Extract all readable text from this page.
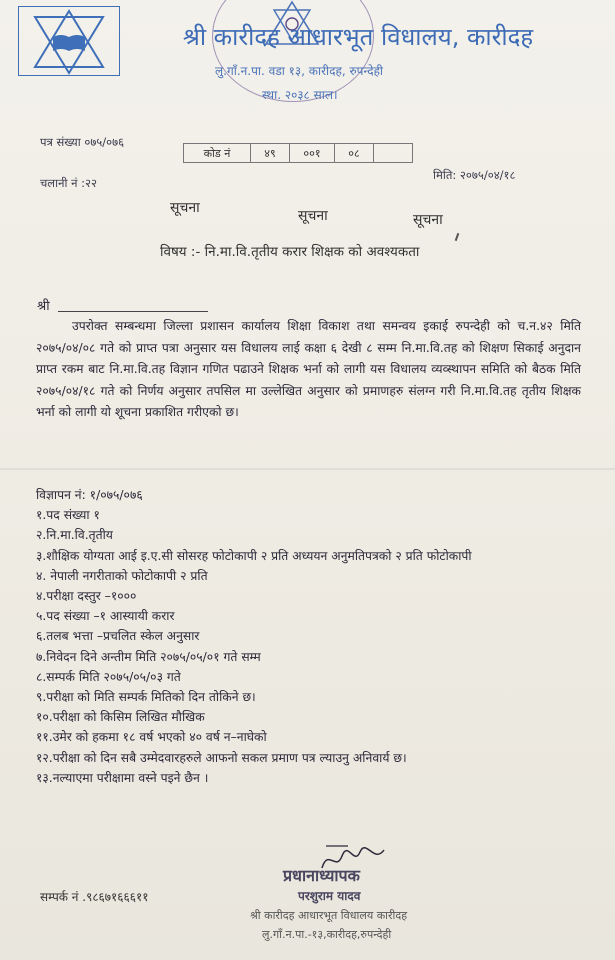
श्री कारीदह आधारभूत विधालय, कारीदह
लु.गाँ.न.पा. वडा १३, कारीदह, रुपन्देही
स्था. २०३८ साल।
पत्र संख्या ०७५/०७६
कोड नं	४९	००१	०८
मिति: २०७५/०४/१८
चलानी नं :२२
सूचना	सूचना	सूचना
विषय :- नि.मा.वि.तृतीय करार शिक्षक को अवश्यकता
श्री
उपरोक्त सम्बन्धमा जिल्ला प्रशासन कार्यालय शिक्षा विकाश तथा समन्वय इकाई रुपन्देही को च.न.४२ मिति २०७५/०४/०८ गते को प्राप्त पत्रा अनुसार यस विधालय लाई कक्षा ६ देखी ८ सम्म नि.मा.वि.तह को शिक्षण सिकाई अनुदान प्राप्त रकम बाट नि.मा.वि.तह विज्ञान गणित पढाउने शिक्षक भर्ना को लागी यस विधालय व्यव्स्थापन समिति को बैठक मिति २०७५/०४/१८ गते को निर्णय अनुसार तपसिल मा उल्लेखित अनुसार को प्रमाणहरु संलग्न गरी नि.मा.वि.तह तृतीय शिक्षक भर्ना को लागी यो शूचना प्रकाशित गरीएको छ।
विज्ञापन नं: १/०७५/०७६
१.पद संख्या १
२.नि.मा.वि.तृतीय
३.शौक्षिक योग्यता आई इ.ए.सी सोसरह फोटोकापी २ प्रति अध्ययन अनुमतिपत्रको २ प्रति फोटोकापी
४. नेपाली नगरीताको फोटोकापी २ प्रति
४.परीक्षा दस्तुर –१०००
५.पद संख्या –१ आस्यायी करार
६.तलब भत्ता –प्रचलित स्केल अनुसार
७.निवेदन दिने अन्तीम मिति २०७५/०५/०१ गते सम्म
८.सम्पर्क मिति २०७५/०५/०३ गते
९.परीक्षा को मिति सम्पर्क मितिको दिन तोकिने छ।
१०.परीक्षा को किसिम लिखित मौखिक
११.उमेर को हकमा १८ वर्ष भएको ४० वर्ष न–नाघेको
१२.परीक्षा को दिन सबै उम्मेदवारहरुले आफनो सकल प्रमाण पत्र ल्याउनु अनिवार्य छ।
१३.नल्याएमा परीक्षामा वस्ने पइने छैन ।
सम्पर्क नं .९८६७१६६६११
प्रधानाध्यापक
परशुराम यादव
श्री कारीदह आधारभूत विधालय कारीदह
लु.गाँ.न.पा.-१३,कारीदह,रुपन्देही
